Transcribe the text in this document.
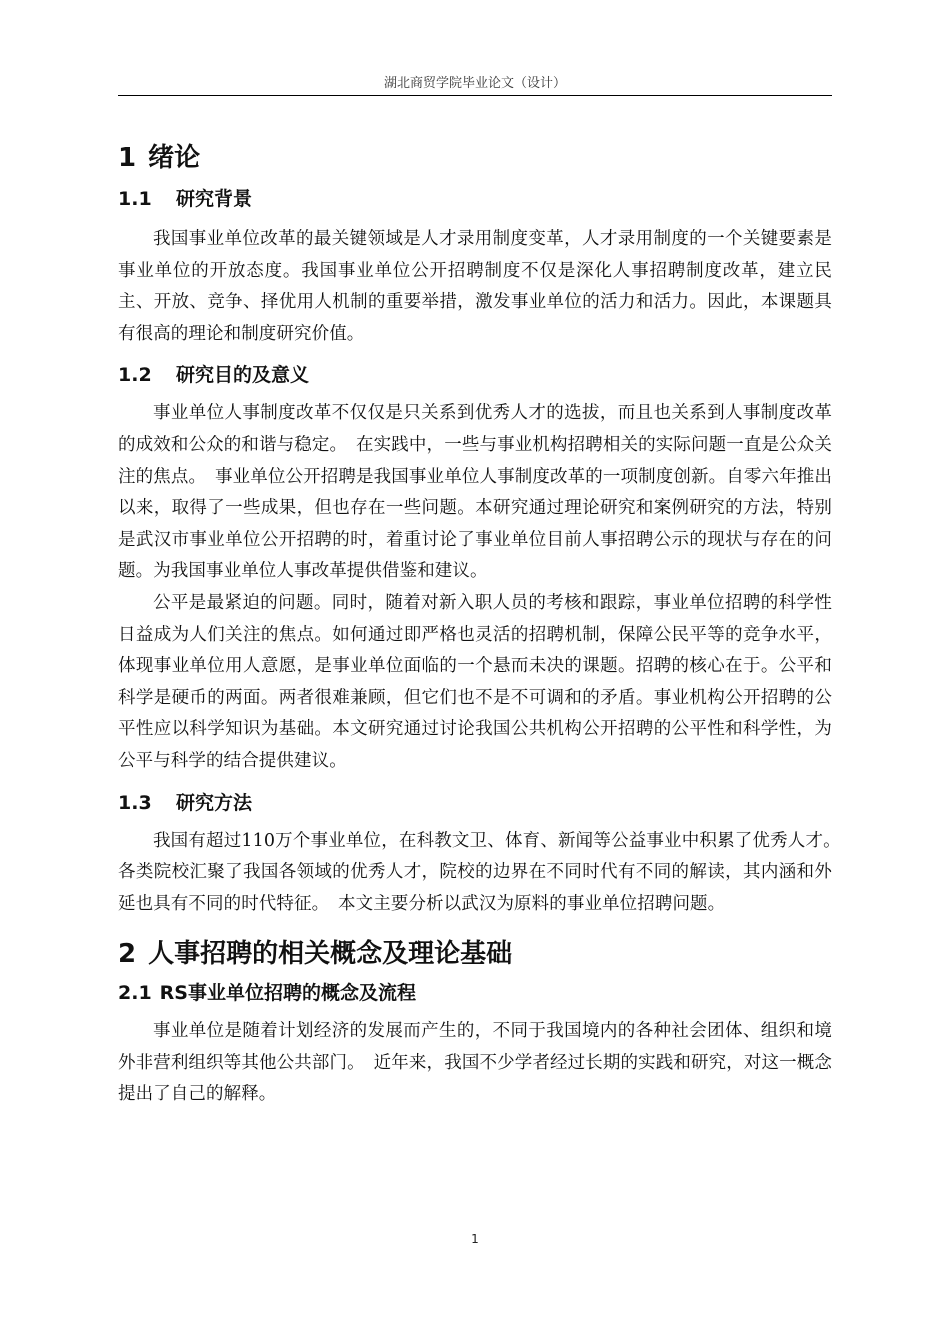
湖北商贸学院毕业论文（设计）
1 绪论
1.1 研究背景

我国事业单位改革的最关键领域是人才录用制度变革，人才录用制度的一个关键要素是事业单位的开放态度。我国事业单位公开招聘制度不仅是深化人事招聘制度改革，建立民主、开放、竞争、择优用人机制的重要举措，激发事业单位的活力和活力。因此，本课题具有很高的理论和制度研究价值。

1.2 研究目的及意义

事业单位人事制度改革不仅仅是只关系到优秀人才的选拔，而且也关系到人事制度改革的成效和公众的和谐与稳定。　在实践中，一些与事业机构招聘相关的实际问题一直是公众关注的焦点。　事业单位公开招聘是我国事业单位人事制度改革的一项制度创新。自零六年推出以来，取得了一些成果，但也存在一些问题。本研究通过理论研究和案例研究的方法，特别是武汉市事业单位公开招聘的时，着重讨论了事业单位目前人事招聘公示的现状与存在的问题。为我国事业单位人事改革提供借鉴和建议。

公平是最紧迫的问题。同时，随着对新入职人员的考核和跟踪，事业单位招聘的科学性日益成为人们关注的焦点。如何通过即严格也灵活的招聘机制，保障公民平等的竞争水平，体现事业单位用人意愿，是事业单位面临的一个悬而未决的课题。招聘的核心在于。公平和科学是硬币的两面。两者很难兼顾，但它们也不是不可调和的矛盾。事业机构公开招聘的公平性应以科学知识为基础。本文研究通过讨论我国公共机构公开招聘的公平性和科学性，为公平与科学的结合提供建议。

1.3 研究方法

我国有超过110万个事业单位，在科教文卫、体育、新闻等公益事业中积累了优秀人才。　各类院校汇聚了我国各领域的优秀人才，院校的边界在不同时代有不同的解读，其内涵和外延也具有不同的时代特征。　本文主要分析以武汉为原料的事业单位招聘问题。

2 人事招聘的相关概念及理论基础
2.1 RS事业单位招聘的概念及流程

事业单位是随着计划经济的发展而产生的，不同于我国境内的各种社会团体、组织和境外非营利组织等其他公共部门。　近年来，我国不少学者经过长期的实践和研究，对这一概念提出了自己的解释。

1
